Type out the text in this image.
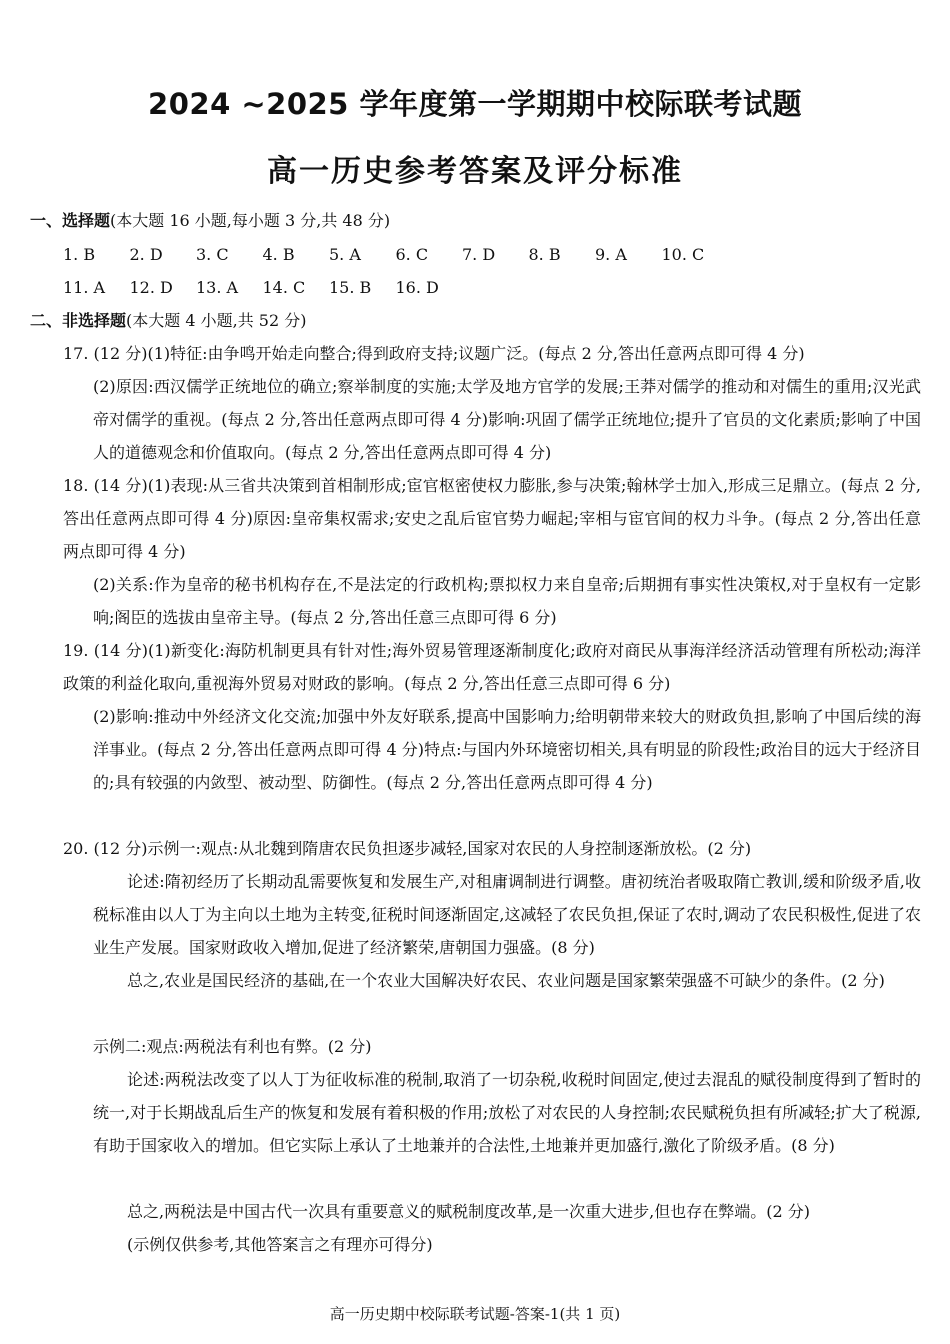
2024 ~2025 学年度第一学期期中校际联考试题
高一历史参考答案及评分标准
一、选择题(本大题 16 小题,每小题 3 分,共 48 分)
1. B 2. D 3. C 4. B 5. A 6. C 7. D 8. B 9. A 10. C
11. A 12. D 13. A 14. C 15. B 16. D
二、非选择题(本大题 4 小题,共 52 分)

17. (12 分)(1)特征:由争鸣开始走向整合;得到政府支持;议题广泛。(每点 2 分,答出任意两点即可得 4 分)

(2)原因:西汉儒学正统地位的确立;察举制度的实施;太学及地方官学的发展;王莽对儒学的推动和对儒生的重用;汉光武帝对儒学的重视。(每点 2 分,答出任意两点即可得 4 分)影响:巩固了儒学正统地位;提升了官员的文化素质;影响了中国人的道德观念和价值取向。(每点 2 分,答出任意两点即可得 4 分)

18. (14 分)(1)表现:从三省共决策到首相制形成;宦官枢密使权力膨胀,参与决策;翰林学士加入,形成三足鼎立。(每点 2 分,答出任意两点即可得 4 分)原因:皇帝集权需求;安史之乱后宦官势力崛起;宰相与宦官间的权力斗争。(每点 2 分,答出任意两点即可得 4 分)

(2)关系:作为皇帝的秘书机构存在,不是法定的行政机构;票拟权力来自皇帝;后期拥有事实性决策权,对于皇权有一定影响;阁臣的选拔由皇帝主导。(每点 2 分,答出任意三点即可得 6 分)

19. (14 分)(1)新变化:海防机制更具有针对性;海外贸易管理逐渐制度化;政府对商民从事海洋经济活动管理有所松动;海洋政策的利益化取向,重视海外贸易对财政的影响。(每点 2 分,答出任意三点即可得 6 分)

(2)影响:推动中外经济文化交流;加强中外友好联系,提高中国影响力;给明朝带来较大的财政负担,影响了中国后续的海洋事业。(每点 2 分,答出任意两点即可得 4 分)特点:与国内外环境密切相关,具有明显的阶段性;政治目的远大于经济目的;具有较强的内敛型、被动型、防御性。(每点 2 分,答出任意两点即可得 4 分)

20. (12 分)示例一:观点:从北魏到隋唐农民负担逐步减轻,国家对农民的人身控制逐渐放松。(2 分)

论述:隋初经历了长期动乱需要恢复和发展生产,对租庸调制进行调整。唐初统治者吸取隋亡教训,缓和阶级矛盾,收税标准由以人丁为主向以土地为主转变,征税时间逐渐固定,这减轻了农民负担,保证了农时,调动了农民积极性,促进了农业生产发展。国家财政收入增加,促进了经济繁荣,唐朝国力强盛。(8 分)

总之,农业是国民经济的基础,在一个农业大国解决好农民、农业问题是国家繁荣强盛不可缺少的条件。(2 分)

示例二:观点:两税法有利也有弊。(2 分)

论述:两税法改变了以人丁为征收标准的税制,取消了一切杂税,收税时间固定,使过去混乱的赋役制度得到了暂时的统一,对于长期战乱后生产的恢复和发展有着积极的作用;放松了对农民的人身控制;农民赋税负担有所减轻;扩大了税源,有助于国家收入的增加。但它实际上承认了土地兼并的合法性,土地兼并更加盛行,激化了阶级矛盾。(8 分)

总之,两税法是中国古代一次具有重要意义的赋税制度改革,是一次重大进步,但也存在弊端。(2 分)

(示例仅供参考,其他答案言之有理亦可得分)

高一历史期中校际联考试题-答案-1(共 1 页)
